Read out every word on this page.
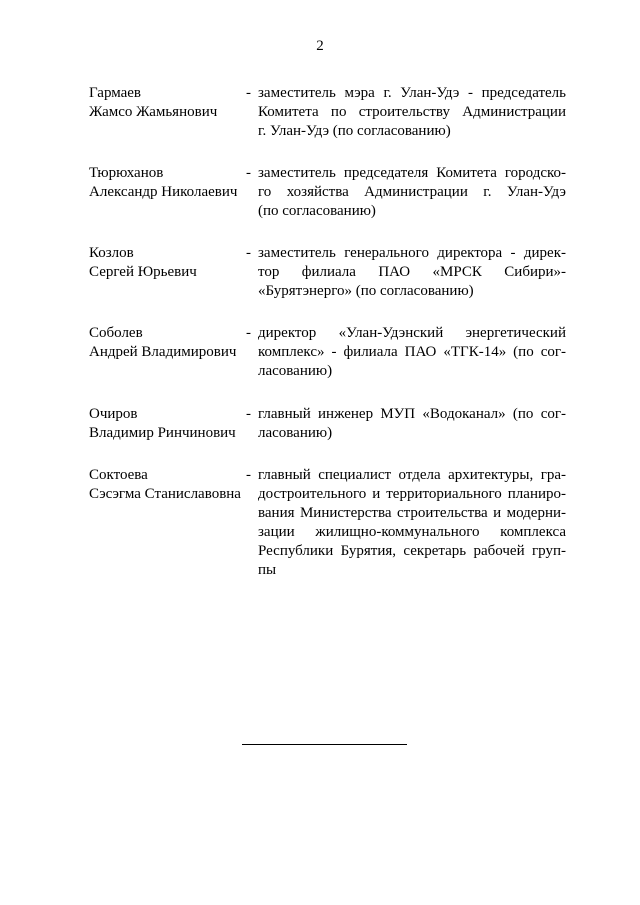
2
Гармаев
Жамсо Жамьянович
- заместитель мэра г. Улан-Удэ - председатель
Комитета по строительству Администрации
г. Улан-Удэ (по согласованию)
Тюрюханов
Александр Николаевич
- заместитель председателя Комитета городско-
го хозяйства Администрации г. Улан-Удэ
(по согласованию)
Козлов
Сергей Юрьевич
- заместитель генерального директора - дирек-
тор филиала ПАО «МРСК Сибири»-
«Бурятэнерго» (по согласованию)
Соболев
Андрей Владимирович
- директор «Улан-Удэнский энергетический
комплекс» - филиала ПАО «ТГК-14» (по сог-
ласованию)
Очиров
Владимир Ринчинович
- главный инженер МУП «Водоканал» (по сог-
ласованию)
Соктоева
Сэсэгма Станиславовна
- главный специалист отдела архитектуры, гра-
достроительного и территориального планиро-
вания Министерства строительства и модерни-
зации жилищно-коммунального комплекса
Республики Бурятия, секретарь рабочей груп-
пы
